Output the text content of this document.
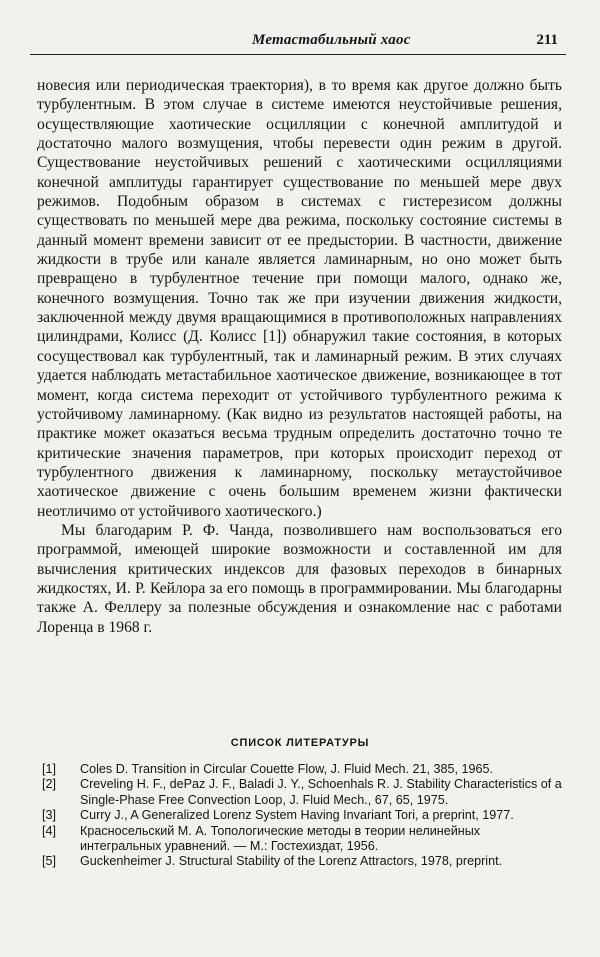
Метастабильный хаос	211

новесия или периодическая траектория), в то время как другое должно быть турбулентным. В этом случае в системе имеются неустойчивые решения, осуществляющие хаотические осцилляции с конечной амплитудой и достаточно малого возмущения, чтобы перевести один режим в другой. Существование неустойчивых решений с хаотическими осцилляциями конечной амплитуды гарантирует существование по меньшей мере двух режимов. Подобным образом в системах с гистерезисом должны существовать по меньшей мере два режима, поскольку состояние системы в данный момент времени зависит от ее предыстории. В частности, движение жидкости в трубе или канале является ламинарным, но оно может быть превращено в турбулентное течение при помощи малого, однако же, конечного возмущения. Точно так же при изучении движения жидкости, заключенной между двумя вращающимися в противоположных направлениях цилиндрами, Колисс (Д. Колисс [1]) обнаружил такие состояния, в которых сосуществовал как турбулентный, так и ламинарный режим. В этих случаях удается наблюдать метастабильное хаотическое движение, возникающее в тот момент, когда система переходит от устойчивого турбулентного режима к устойчивому ламинарному. (Как видно из результатов настоящей работы, на практике может оказаться весьма трудным определить достаточно точно те критические значения параметров, при которых происходит переход от турбулентного движения к ламинарному, поскольку метаустойчивое хаотическое движение с очень большим временем жизни фактически неотличимо от устойчивого хаотического.)

Мы благодарим Р. Ф. Чанда, позволившего нам воспользоваться его программой, имеющей широкие возможности и составленной им для вычисления критических индексов для фазовых переходов в бинарных жидкостях, И. Р. Кейлора за его помощь в программировании. Мы благодарны также А. Феллеру за полезные обсуждения и ознакомление нас с работами Лоренца в 1968 г.

СПИСОК ЛИТЕРАТУРЫ
[1]	Coles D. Transition in Circular Couette Flow, J. Fluid Mech. 21, 385, 1965.
[2]	Creveling H. F., dePaz J. F., Baladi J. Y., Schoenhals R. J. Stability Characteristics of a Single-Phase Free Convection Loop, J. Fluid Mech., 67, 65, 1975.
[3]	Curry J., A Generalized Lorenz System Having Invariant Tori, a preprint, 1977.
[4]	Красносельский М. А. Топологические методы в теории нелинейных интегральных уравнений. — М.: Гостехиздат, 1956.
[5]	Guckenheimer J. Structural Stability of the Lorenz Attractors, 1978, preprint.
